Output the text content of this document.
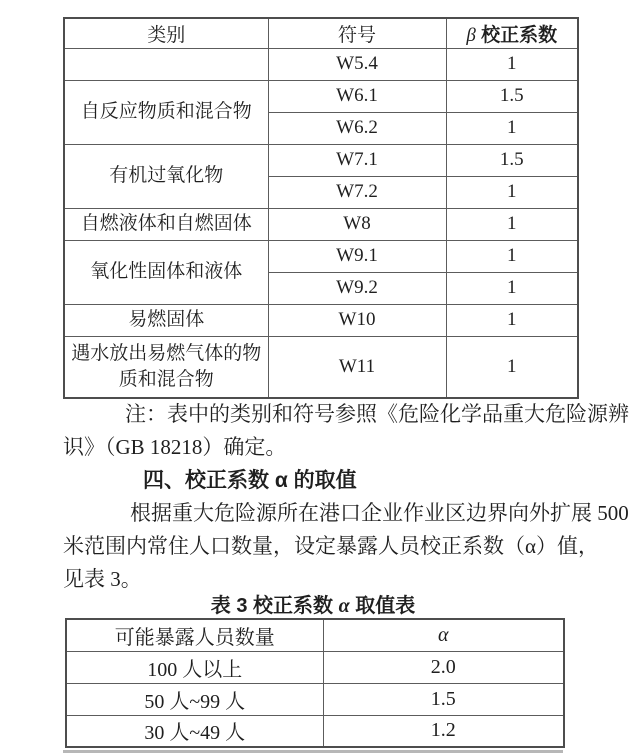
类别	符号	β 校正系数
	W5.4	1
自反应物质和混合物	W6.1	1.5
	W6.2	1
有机过氧化物	W7.1	1.5
	W7.2	1
自燃液体和自燃固体	W8	1
氧化性固体和液体	W9.1	1
	W9.2	1
易燃固体	W10	1
遇水放出易燃气体的物质和混合物	W11	1
注：表中的类别和符号参照《危险化学品重大危险源辨
识》（GB 18218）确定。
四、校正系数 α 的取值
根据重大危险源所在港口企业作业区边界向外扩展 500
米范围内常住人口数量，设定暴露人员校正系数（α）值，
见表 3。
表 3 校正系数 α 取值表
可能暴露人员数量	α
100 人以上	2.0
50 人~99 人	1.5
30 人~49 人	1.2
